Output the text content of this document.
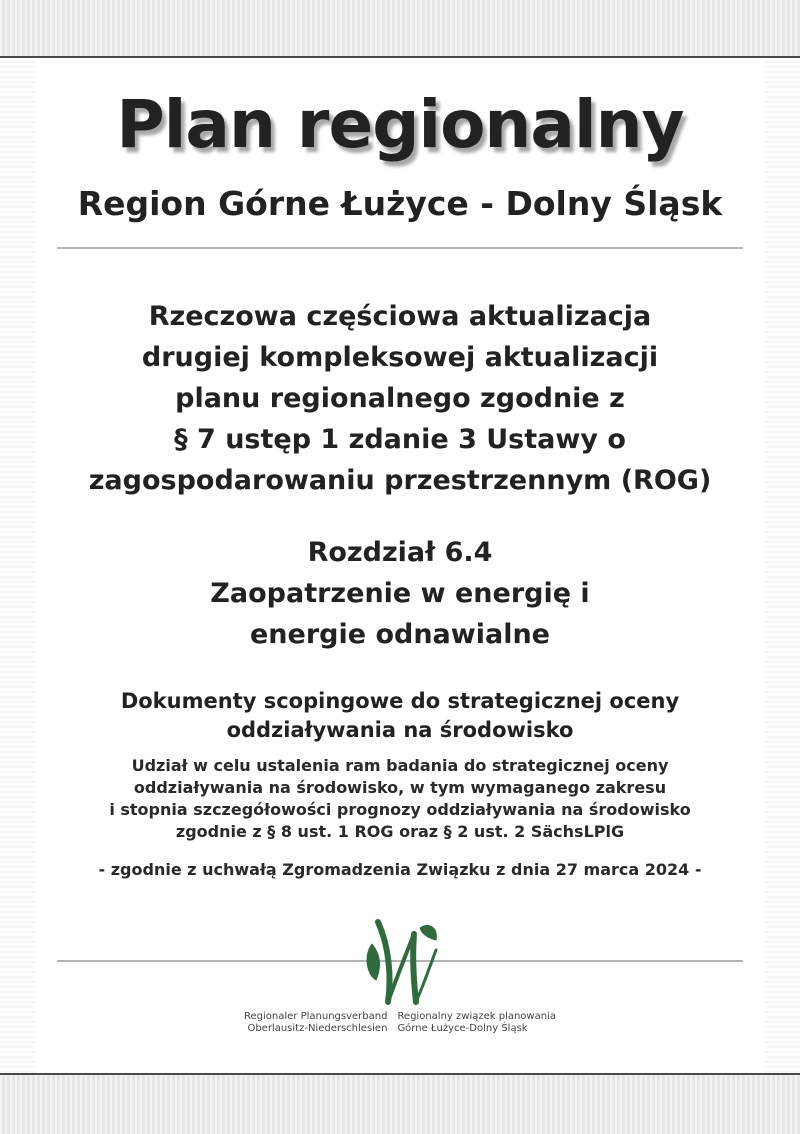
Plan regionalny
Region Górne Łużyce - Dolny Śląsk
Rzeczowa częściowa aktualizacja
drugiej kompleksowej aktualizacji
planu regionalnego zgodnie z
§ 7 ustęp 1 zdanie 3 Ustawy o
zagospodarowaniu przestrzennym (ROG)
Rozdział 6.4
Zaopatrzenie w energię i
energie odnawialne
Dokumenty scopingowe do strategicznej oceny
oddziaływania na środowisko
Udział w celu ustalenia ram badania do strategicznej oceny
oddziaływania na środowisko, w tym wymaganego zakresu
i stopnia szczegółowości prognozy oddziaływania na środowisko
zgodnie z § 8 ust. 1 ROG oraz § 2 ust. 2 SächsLPlG
- zgodnie z uchwałą Zgromadzenia Związku z dnia 27 marca 2024 -
Regionaler Planungsverband
Oberlausitz-Niederschlesien
Regionalny związek planowania
Górne Łużyce-Dolny Śląsk
